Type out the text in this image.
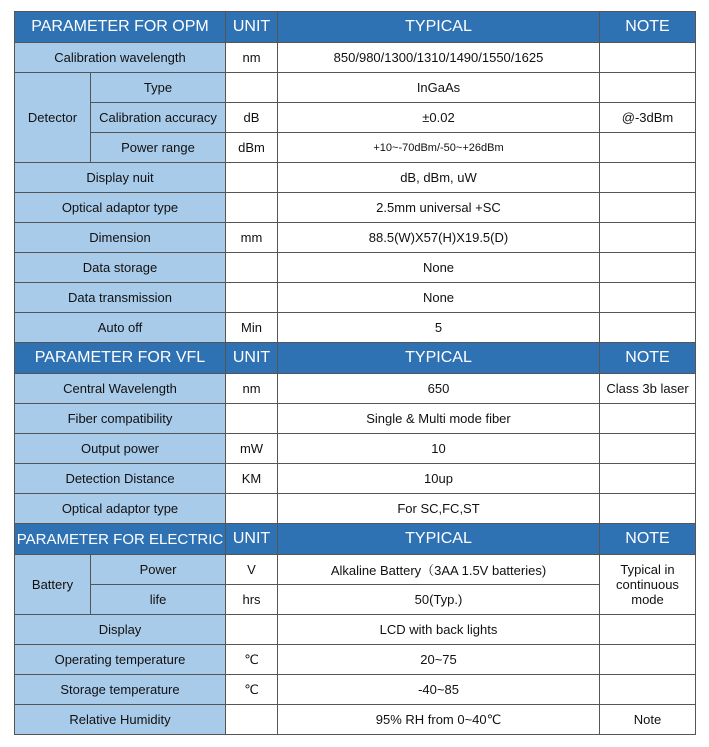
PARAMETER FOR OPM		UNIT	TYPICAL	NOTE
Calibration wavelength		nm	850/980/1300/1310/1490/1550/1625	
Detector	Type		InGaAs	
	Calibration accuracy	dB	±0.02	@-3dBm
	Power range	dBm	+10~-70dBm/-50~+26dBm	
Display nuit			dB, dBm, uW	
Optical adaptor type			2.5mm universal +SC	
Dimension		mm	88.5(W)X57(H)X19.5(D)	
Data storage			None	
Data transmission			None	
Auto off		Min	5	
PARAMETER FOR VFL		UNIT	TYPICAL	NOTE
Central Wavelength		nm	650	Class 3b laser
Fiber compatibility			Single & Multi mode fiber	
Output power		mW	10	
Detection Distance		KM	10up	
Optical adaptor type			For SC,FC,ST	
PARAMETER FOR ELECTRIC		UNIT	TYPICAL	NOTE
Battery	Power	V	Alkaline Battery（3AA 1.5V batteries)	Typical in continuous mode
	life	hrs	50(Typ.)	
Display			LCD with back lights	
Operating temperature		℃	20~75	
Storage temperature		℃	-40~85	
Relative Humidity			95% RH from 0~40℃	Note
